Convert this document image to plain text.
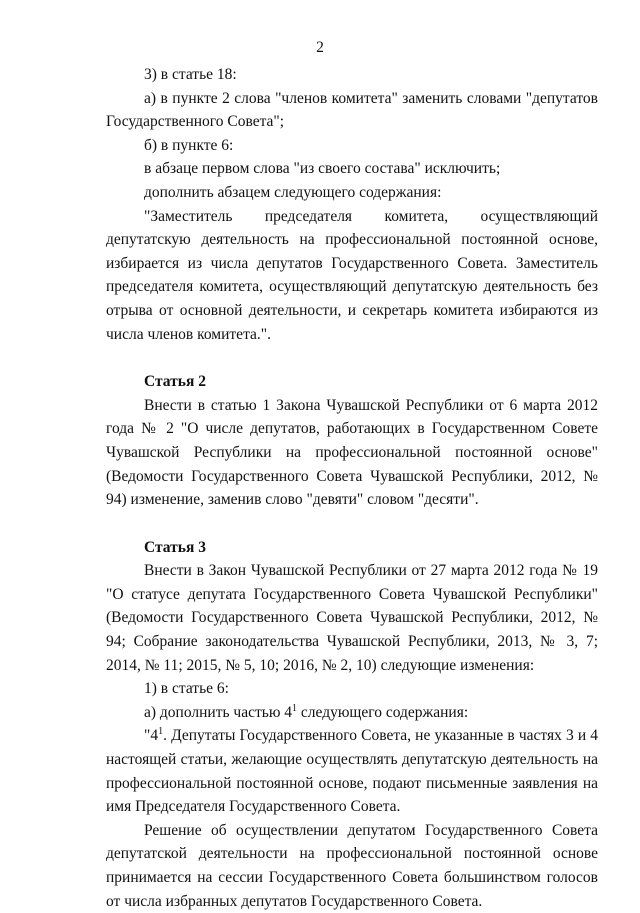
2

3) в статье 18:

а) в пункте 2 слова "членов комитета" заменить словами "депутатов Государственного Совета";

б) в пункте 6:

в абзаце первом слова "из своего состава" исключить;

дополнить абзацем следующего содержания:

"Заместитель председателя комитета, осуществляющий депутатскую деятельность на профессиональной постоянной основе, избирается из числа депутатов Государственного Совета. Заместитель председателя комитета, осуществляющий депутатскую деятельность без отрыва от основной деятельности, и секретарь комитета избираются из числа членов комитета.".

Статья 2

Внести в статью 1 Закона Чувашской Республики от 6 марта 2012 года № 2 "О числе депутатов, работающих в Государственном Совете Чувашской Республики на профессиональной постоянной основе" (Ведомости Государственного Совета Чувашской Республики, 2012, № 94) изменение, заменив слово "девяти" словом "десяти".

Статья 3

Внести в Закон Чувашской Республики от 27 марта 2012 года № 19 "О статусе депутата Государственного Совета Чувашской Республики" (Ведомости Государственного Совета Чувашской Республики, 2012, № 94; Собрание законодательства Чувашской Республики, 2013, № 3, 7; 2014, № 11; 2015, № 5, 10; 2016, № 2, 10) следующие изменения:

1) в статье 6:

а) дополнить частью $4^1$ следующего содержания:

"$4^1$. Депутаты Государственного Совета, не указанные в частях 3 и 4 настоящей статьи, желающие осуществлять депутатскую деятельность на профессиональной постоянной основе, подают письменные заявления на имя Председателя Государственного Совета.

Решение об осуществлении депутатом Государственного Совета депутатской деятельности на профессиональной постоянной основе принимается на сессии Государственного Совета большинством голосов от числа избранных депутатов Государственного Совета.
